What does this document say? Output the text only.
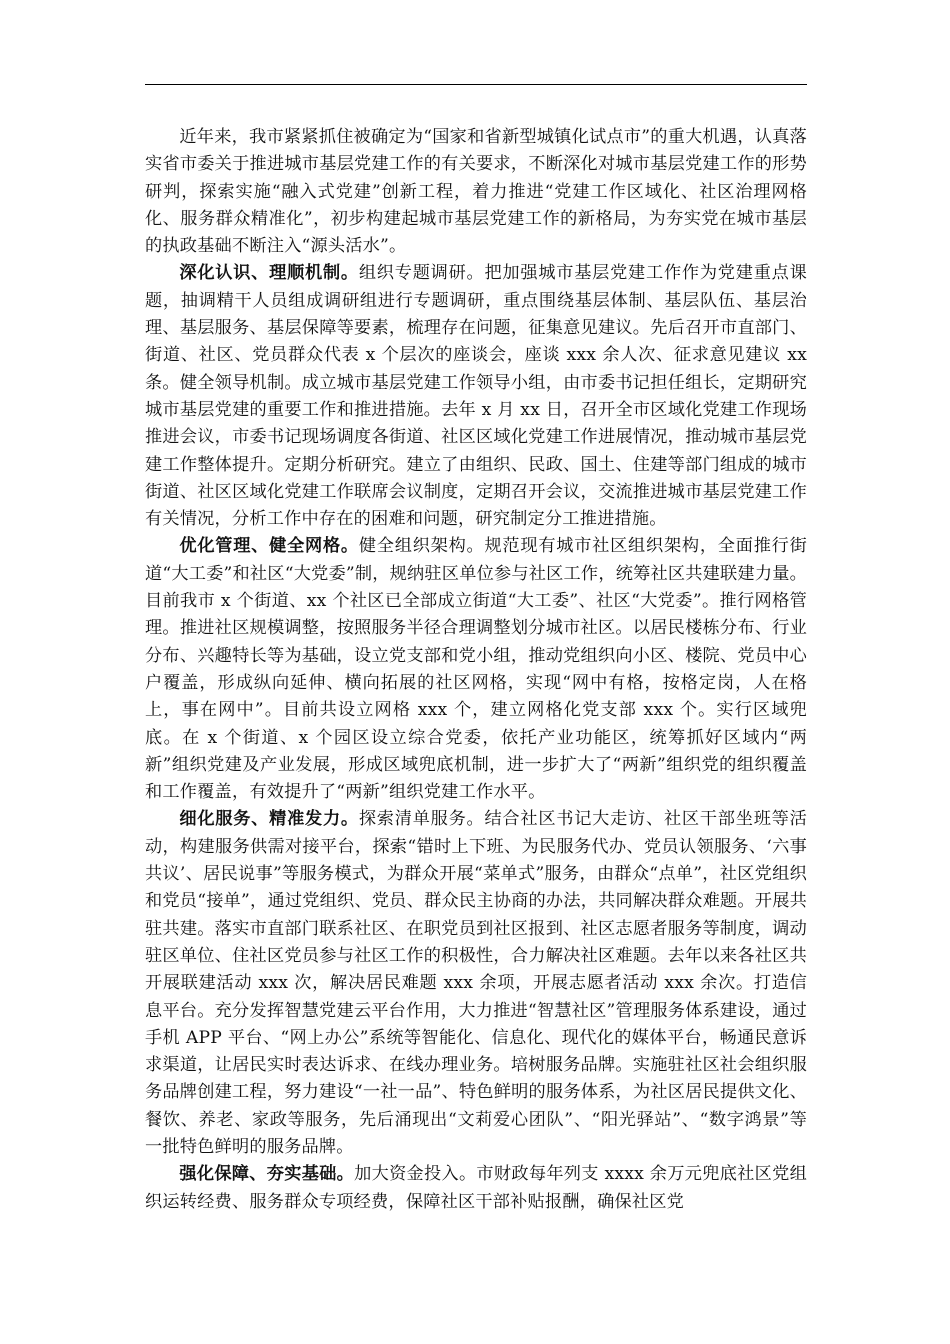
近年来，我市紧紧抓住被确定为“国家和省新型城镇化试点市”的重大机遇，认真落实省市委关于推进城市基层党建工作的有关要求，不断深化对城市基层党建工作的形势研判，探索实施“融入式党建”创新工程，着力推进“党建工作区域化、社区治理网格化、服务群众精准化”，初步构建起城市基层党建工作的新格局，为夯实党在城市基层的执政基础不断注入“源头活水”。

深化认识、理顺机制。组织专题调研。把加强城市基层党建工作作为党建重点课题，抽调精干人员组成调研组进行专题调研，重点围绕基层体制、基层队伍、基层治理、基层服务、基层保障等要素，梳理存在问题，征集意见建议。先后召开市直部门、街道、社区、党员群众代表 x 个层次的座谈会，座谈 xxx 余人次、征求意见建议 xx 条。健全领导机制。成立城市基层党建工作领导小组，由市委书记担任组长，定期研究城市基层党建的重要工作和推进措施。去年 x 月 xx 日，召开全市区域化党建工作现场推进会议，市委书记现场调度各街道、社区区域化党建工作进展情况，推动城市基层党建工作整体提升。定期分析研究。建立了由组织、民政、国土、住建等部门组成的城市街道、社区区域化党建工作联席会议制度，定期召开会议，交流推进城市基层党建工作有关情况，分析工作中存在的困难和问题，研究制定分工推进措施。

优化管理、健全网格。健全组织架构。规范现有城市社区组织架构，全面推行街道“大工委”和社区“大党委”制，规纳驻区单位参与社区工作，统筹社区共建联建力量。目前我市 x 个街道、xx 个社区已全部成立街道“大工委”、社区“大党委”。推行网格管理。推进社区规模调整，按照服务半径合理调整划分城市社区。以居民楼栋分布、行业分布、兴趣特长等为基础，设立党支部和党小组，推动党组织向小区、楼院、党员中心户覆盖，形成纵向延伸、横向拓展的社区网格，实现“网中有格，按格定岗，人在格上，事在网中”。目前共设立网格 xxx 个，建立网格化党支部 xxx 个。实行区域兜底。在 x 个街道、x 个园区设立综合党委，依托产业功能区，统筹抓好区域内“两新”组织党建及产业发展，形成区域兜底机制，进一步扩大了“两新”组织党的组织覆盖和工作覆盖，有效提升了“两新”组织党建工作水平。

细化服务、精准发力。探索清单服务。结合社区书记大走访、社区干部坐班等活动，构建服务供需对接平台，探索“错时上下班、为民服务代办、党员认领服务、‘六事共议’、居民说事”等服务模式，为群众开展“菜单式”服务，由群众“点单”，社区党组织和党员“接单”，通过党组织、党员、群众民主协商的办法，共同解决群众难题。开展共驻共建。落实市直部门联系社区、在职党员到社区报到、社区志愿者服务等制度，调动驻区单位、住社区党员参与社区工作的积极性，合力解决社区难题。去年以来各社区共开展联建活动 xxx 次，解决居民难题 xxx 余项，开展志愿者活动 xxx 余次。打造信息平台。充分发挥智慧党建云平台作用，大力推进“智慧社区”管理服务体系建设，通过手机 APP 平台、“网上办公”系统等智能化、信息化、现代化的媒体平台，畅通民意诉求渠道，让居民实时表达诉求、在线办理业务。培树服务品牌。实施驻社区社会组织服务品牌创建工程，努力建设“一社一品”、特色鲜明的服务体系，为社区居民提供文化、餐饮、养老、家政等服务，先后涌现出“文莉爱心团队”、“阳光驿站”、“数字鸿景”等一批特色鲜明的服务品牌。

强化保障、夯实基础。加大资金投入。市财政每年列支 xxxx 余万元兜底社区党组织运转经费、服务群众专项经费，保障社区干部补贴报酬，确保社区党
